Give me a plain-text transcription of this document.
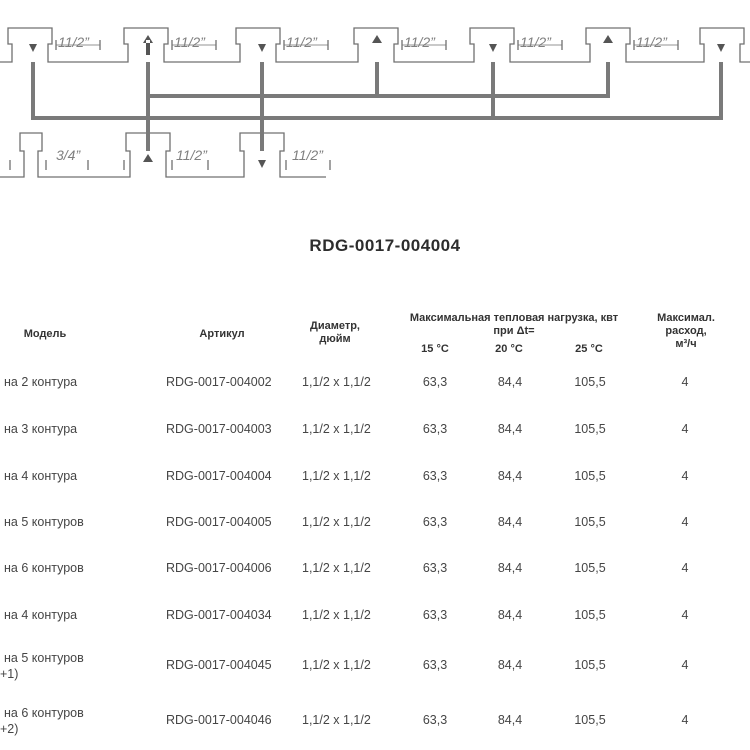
11/2”	11/2”	11/2”	11/2”	11/2”	11/2”
3/4”	11/2”	11/2”
RDG-0017-004004
Модель	Артикул
Диаметр,
дюйм
Максимальная тепловая нагрузка, квт
при Δt=
15 °C	20 °C	25 °C
Максимал.
расход,
м³/ч
на 2 контура	RDG-0017-004002 1,1/2 x 1,1/2	63,3	84,4	105,5	4
на 3 контура	RDG-0017-004003 1,1/2 x 1,1/2	63,3	84,4	105,5	4
на 4 контура	RDG-0017-004004 1,1/2 x 1,1/2	63,3	84,4	105,5	4
на 5 контуров	RDG-0017-004005 1,1/2 x 1,1/2	63,3	84,4	105,5	4
на 6 контуров	RDG-0017-004006 1,1/2 x 1,1/2	63,3	84,4	105,5	4
на 4 контура	RDG-0017-004034 1,1/2 x 1,1/2	63,3	84,4	105,5	4
на 5 контуров
+1)
RDG-0017-004045 1,1/2 x 1,1/2	63,3	84,4	105,5	4
на 6 контуров
+2)
RDG-0017-004046 1,1/2 x 1,1/2	63,3	84,4	105,5	4
